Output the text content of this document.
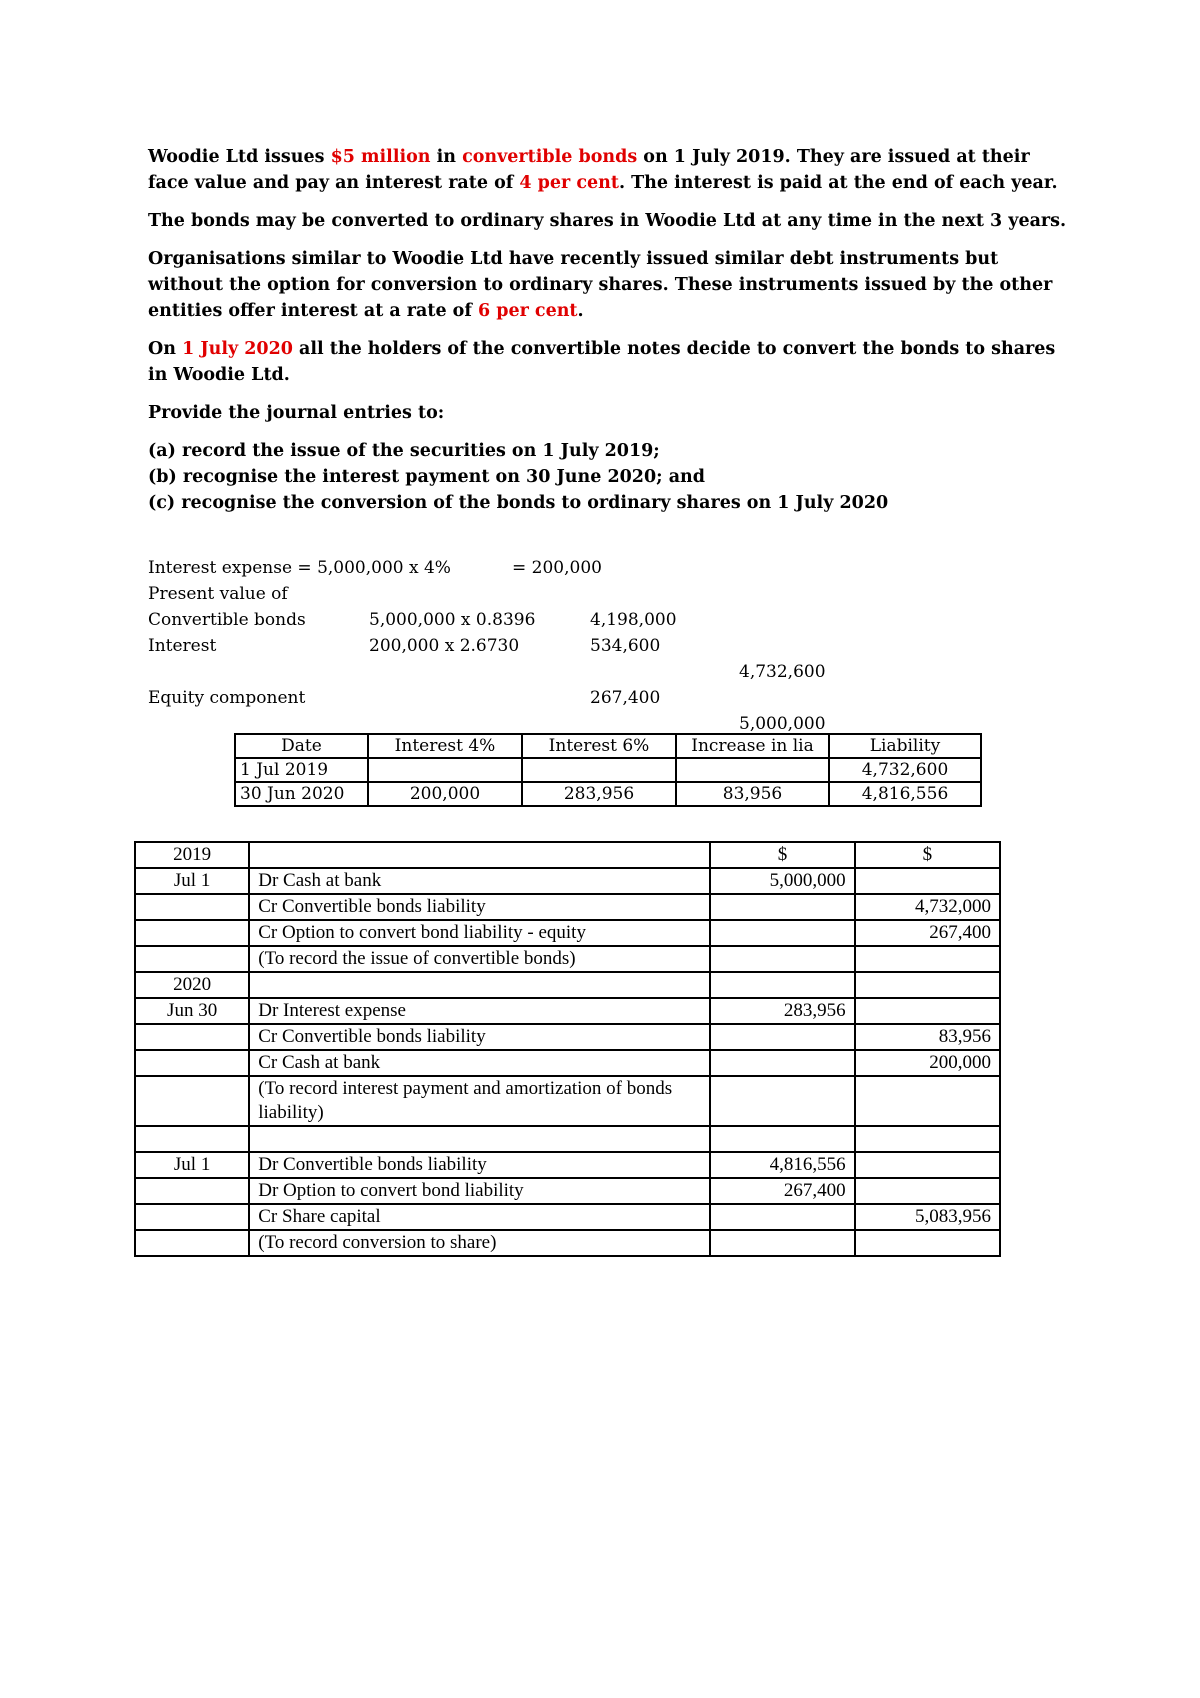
Woodie Ltd issues $5 million in convertible bonds on 1 July 2019. They are issued at their face value and pay an interest rate of 4 per cent. The interest is paid at the end of each year.

The bonds may be converted to ordinary shares in Woodie Ltd at any time in the next 3 years.

Organisations similar to Woodie Ltd have recently issued similar debt instruments but without the option for conversion to ordinary shares. These instruments issued by the other entities offer interest at a rate of 6 per cent.

On 1 July 2020 all the holders of the convertible notes decide to convert the bonds to shares in Woodie Ltd.

Provide the journal entries to:

(a) record the issue of the securities on 1 July 2019;
(b) recognise the interest payment on 30 June 2020; and
(c) recognise the conversion of the bonds to ordinary shares on 1 July 2020
Interest expense = 5,000,000 x 4%	= 200,000
Present value of
Convertible bonds	5,000,000 x 0.8396	4,198,000
Interest	200,000 x 2.6730	534,600
4,732,600
Equity component	267,400
5,000,000
Date	Interest 4%	Interest 6%	Increase in lia	Liability
1 Jul 2019				4,732,600
30 Jun 2020	200,000	283,956	83,956	4,816,556
2019		$	$
Jul 1	Dr Cash at bank	5,000,000	
	Cr Convertible bonds liability		4,732,000
	Cr Option to convert bond liability - equity		267,400
	(To record the issue of convertible bonds)		
2020			
Jun 30	Dr Interest expense	283,956	
	Cr Convertible bonds liability		83,956
	Cr Cash at bank		200,000
	(To record interest payment and amortization of bonds liability)		

Jul 1	Dr Convertible bonds liability	4,816,556	
	Dr Option to convert bond liability	267,400	
	Cr Share capital		5,083,956
	(To record conversion to share)		
